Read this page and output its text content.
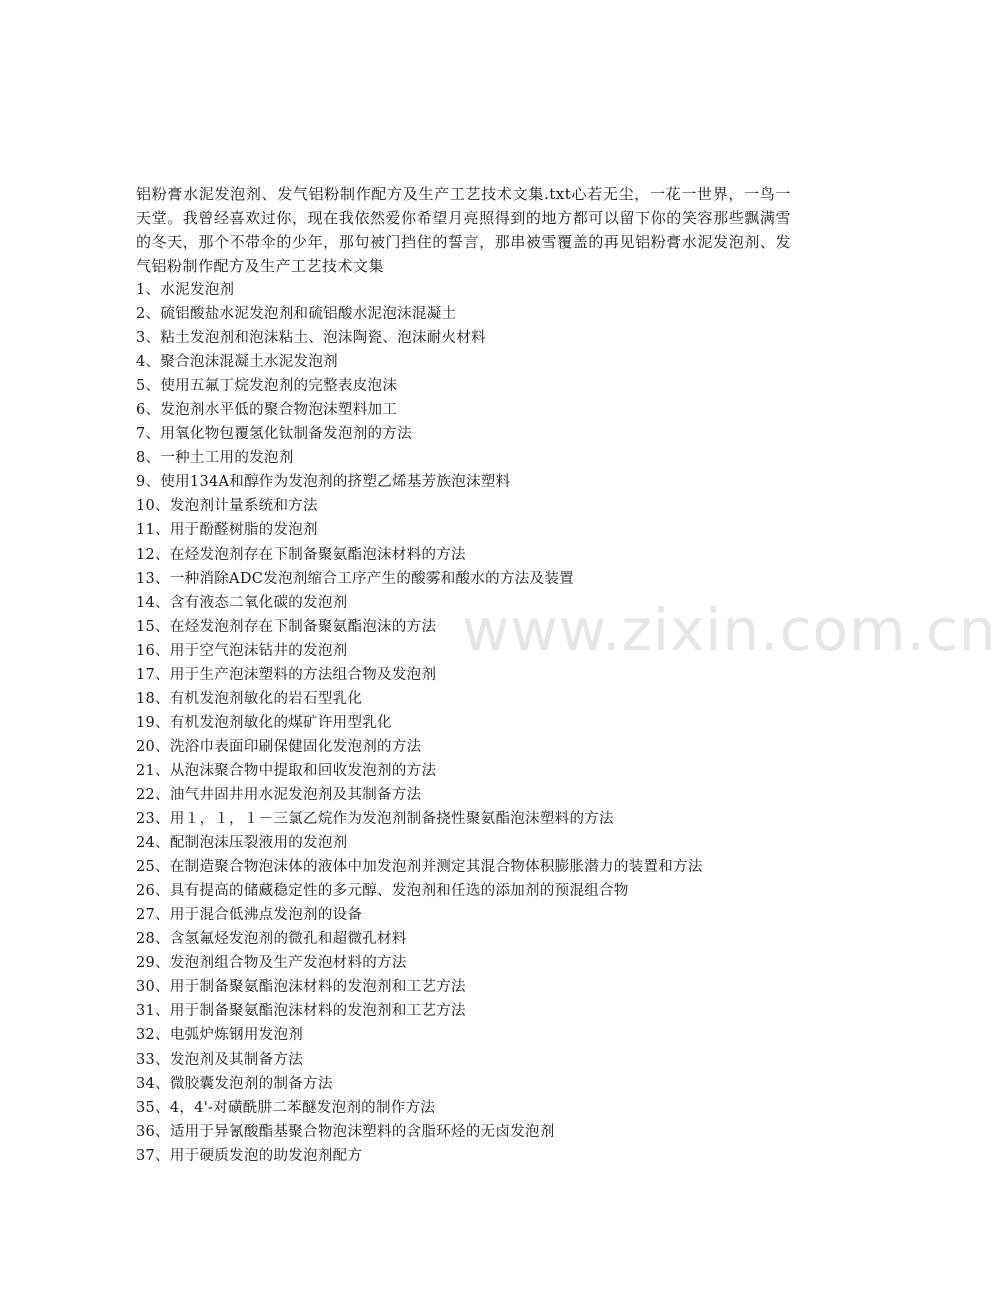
www.zixin.com.cn

铝粉膏水泥发泡剂、发气铝粉制作配方及生产工艺技术文集.txt心若无尘，一花一世界，一鸟一天堂。我曾经喜欢过你，现在我依然爱你希望月亮照得到的地方都可以留下你的笑容那些飘满雪的冬天，那个不带伞的少年，那句被门挡住的誓言，那串被雪覆盖的再见铝粉膏水泥发泡剂、发气铝粉制作配方及生产工艺技术文集

1、水泥发泡剂
2、硫铝酸盐水泥发泡剂和硫铝酸水泥泡沫混凝土
3、粘土发泡剂和泡沫粘土、泡沫陶瓷、泡沫耐火材料
4、聚合泡沫混凝土水泥发泡剂
5、使用五氟丁烷发泡剂的完整表皮泡沫
6、发泡剂水平低的聚合物泡沫塑料加工
7、用氧化物包覆氢化钛制备发泡剂的方法
8、一种土工用的发泡剂
9、使用134A和醇作为发泡剂的挤塑乙烯基芳族泡沫塑料
10、发泡剂计量系统和方法
11、用于酚醛树脂的发泡剂
12、在烃发泡剂存在下制备聚氨酯泡沫材料的方法
13、一种消除ADC发泡剂缩合工序产生的酸雾和酸水的方法及装置
14、含有液态二氧化碳的发泡剂
15、在烃发泡剂存在下制备聚氨酯泡沫的方法
16、用于空气泡沫钻井的发泡剂
17、用于生产泡沫塑料的方法组合物及发泡剂
18、有机发泡剂敏化的岩石型乳化
19、有机发泡剂敏化的煤矿许用型乳化
20、洗浴巾表面印刷保健固化发泡剂的方法
21、从泡沫聚合物中提取和回收发泡剂的方法
22、油气井固井用水泥发泡剂及其制备方法
23、用１，１，１－三氯乙烷作为发泡剂制备挠性聚氨酯泡沫塑料的方法
24、配制泡沫压裂液用的发泡剂
25、在制造聚合物泡沫体的液体中加发泡剂并测定其混合物体积膨胀潜力的装置和方法
26、具有提高的储藏稳定性的多元醇、发泡剂和任选的添加剂的预混组合物
27、用于混合低沸点发泡剂的设备
28、含氢氟烃发泡剂的微孔和超微孔材料
29、发泡剂组合物及生产发泡材料的方法
30、用于制备聚氨酯泡沫材料的发泡剂和工艺方法
31、用于制备聚氨酯泡沫材料的发泡剂和工艺方法
32、电弧炉炼钢用发泡剂
33、发泡剂及其制备方法
34、微胶囊发泡剂的制备方法
35、4，4'-对磺酰肼二苯醚发泡剂的制作方法
36、适用于异氰酸酯基聚合物泡沫塑料的含脂环烃的无卤发泡剂
37、用于硬质发泡的助发泡剂配方
